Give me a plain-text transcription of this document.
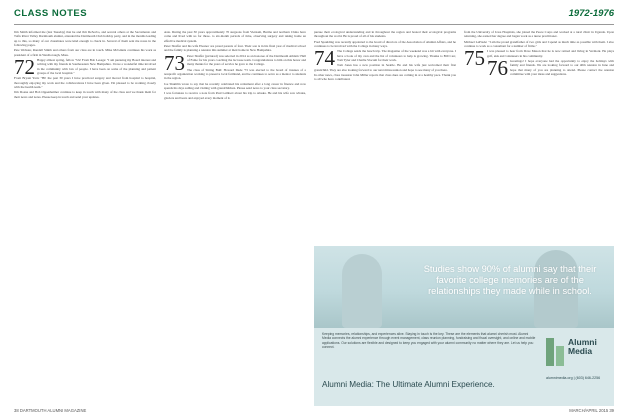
CLASS NOTES	1972-1976

Jim Smith informed me (last Tuesday) that he and Jim DeSorbo, and several others at the Sacramento and Tufts River Valley Dartmouth alumni, attended the Dartmouth Club holiday party, and in the months leading up to this, so many of our classmates were kind enough to check in. Several of them sent me notes in the following pages.

Pete Webster, Randall Smith and others from our class are in touch. Mike McGinnis continues his work as president of a firm in Westborough, Mass.

72 Happy almost spring, fellow '72s! From Bob Lesage: "I am pursuing my Board interest and writing with my friends in Southeastern New Hampshire. I have a wonderful time involved in the community with lots of people. I have been on some of the planning and patient groups of the local hospital."

From Bryant Yarn: "Hi! the past 30 years I have practiced surgery and moved from hospital to hospital, thoroughly enjoying my work and the collaborations I have been given. I'm pleased to be working closely with the health team."

Jim Doane and Bob Oppenheimer continue to keep in touch with many of the class and we thank them for their news and notes. Please keep in touch and send your updates.

Asia. During the past 30 years approximately 70 surgeons from Vietnam, Burma and northern China have come and lived with us for three- to six-month periods of time, observing surgery and taking home an effective medical system.

Peter Shaffer and his wife Eleanor are proud parents of four. Their son is in his final year of medical school and the family is planning a reunion this summer at their home in New Hampshire.

73 Peter Shaffer (pictured) was selected in 2014 as an honoree of the Dartmouth Athletic Hall of Fame for his years coaching the lacrosse team. Congratulations to him on this honor and many thanks for the years of service he gave to the College.

The class of Sitting Bull: Howard Dade '73 was elected to the board of trustees of a nonprofit organization working to preserve local farmland, and he continues to serve as a mentor to students in the region.

Joe Shumlin wrote to say that he recently celebrated his retirement after a long career in finance and now spends his days sailing and visiting with grandchildren. Please send news to your class secretary.

I was fortunate to receive a note from Paul Lambert about his trip to Alaska. He and his wife saw whales, glaciers and bears and enjoyed every moment of it.

pursue their ecological understanding and in throughout the region and hosted their ecological programs throughout the world. He is proud of all of his students.

Fred Spaulding was recently appointed to the board of directors of the Association of Alumni Affairs, and he continues to be involved with the College in many ways.

74 The College sends the beach trip. The magazine of the weekend was a hit with everyone. I have a book of my own and the list of volunteers to help is growing. Thanks to Bill Carr, Tom Tyler and Charlie Slocum for their work.

Tom Jones has a new position in Seattle. He and his wife just welcomed their first grandchild. They are also looking forward to our next mini-reunion and hope to see many of you there.

In other news, class treasurer John Miller reports that class dues are coming in at a healthy pace. Thank you to all who have contributed.

from the University of Iowa Hospitals, she joined the Peace Corps and worked at a rural clinic in Uganda. Upon returning, she earned her degree and began work as a nurse practitioner.

Michael LaPrade: "I am the proud grandfather of two girls and I spend as much time as possible with them. I also continue to work as a consultant for a number of firms."

75 I was pleased to hear from Dave Mason that he is now retired and living in Vermont. He plays golf, skis and volunteers in his community.

76 Greetings! I hope everyone had the opportunity to enjoy the holidays with family and friends. We are looking forward to our 40th reunion in June and hope that many of you are planning to attend. Please contact the reunion committee with your ideas and suggestions.

Studies show 90% of alumni say that their favorite college memories are of the relationships they made while in school.
Keeping memories, relationships, and experiences alive. Staying in touch is the key. These are the elements that alumni cherish most. Alumni Media connects the alumni experience through event management, class reunion planning, fundraising and fiscal oversight, and online and mobile applications. Our solutions are flexible and designed to keep you engaged with your alumni community no matter where they are. Let us help you connect.
Alumni Media: The Ultimate Alumni Experience.
Alumni Media
alumnimedia.org | (603) 646-2256
38 DARTMOUTH ALUMNI MAGAZINE	MARCH/APRIL 2015 39
